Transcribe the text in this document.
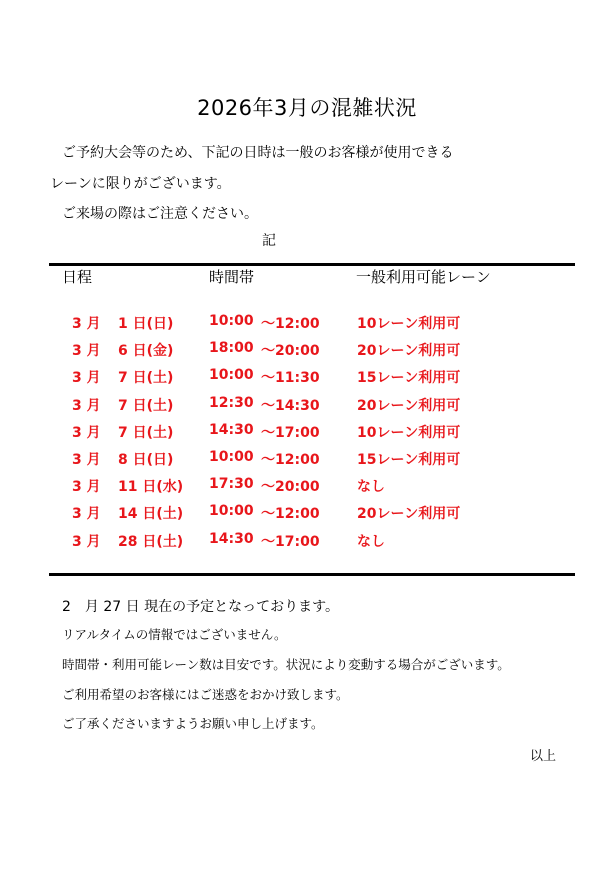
2026年3月の混雑状況
ご予約大会等のため、下記の日時は一般のお客様が使用できる
レーンに限りがございます。
ご来場の際はご注意ください。
記
日程	時間帯	一般利用可能レーン
3 月 1 日(日)	10:00 ～12:00	10レーン利用可
3 月 6 日(金)	18:00 ～20:00	20レーン利用可
3 月 7 日(土)	10:00 ～11:30	15レーン利用可
3 月 7 日(土)	12:30 ～14:30	20レーン利用可
3 月 7 日(土)	14:30 ～17:00	10レーン利用可
3 月 8 日(日)	10:00 ～12:00	15レーン利用可
3 月 11 日(水) 17:30 ～20:00	なし
3 月 14 日(土) 10:00 ～12:00	20レーン利用可
3 月 28 日(土) 14:30 ～17:00	なし
2　月 27 日 現在の予定となっております。
リアルタイムの情報ではございません。
時間帯・利用可能レーン数は目安です。状況により変動する場合がございます。
ご利用希望のお客様にはご迷惑をおかけ致します。
ご了承くださいますようお願い申し上げます。
以上
